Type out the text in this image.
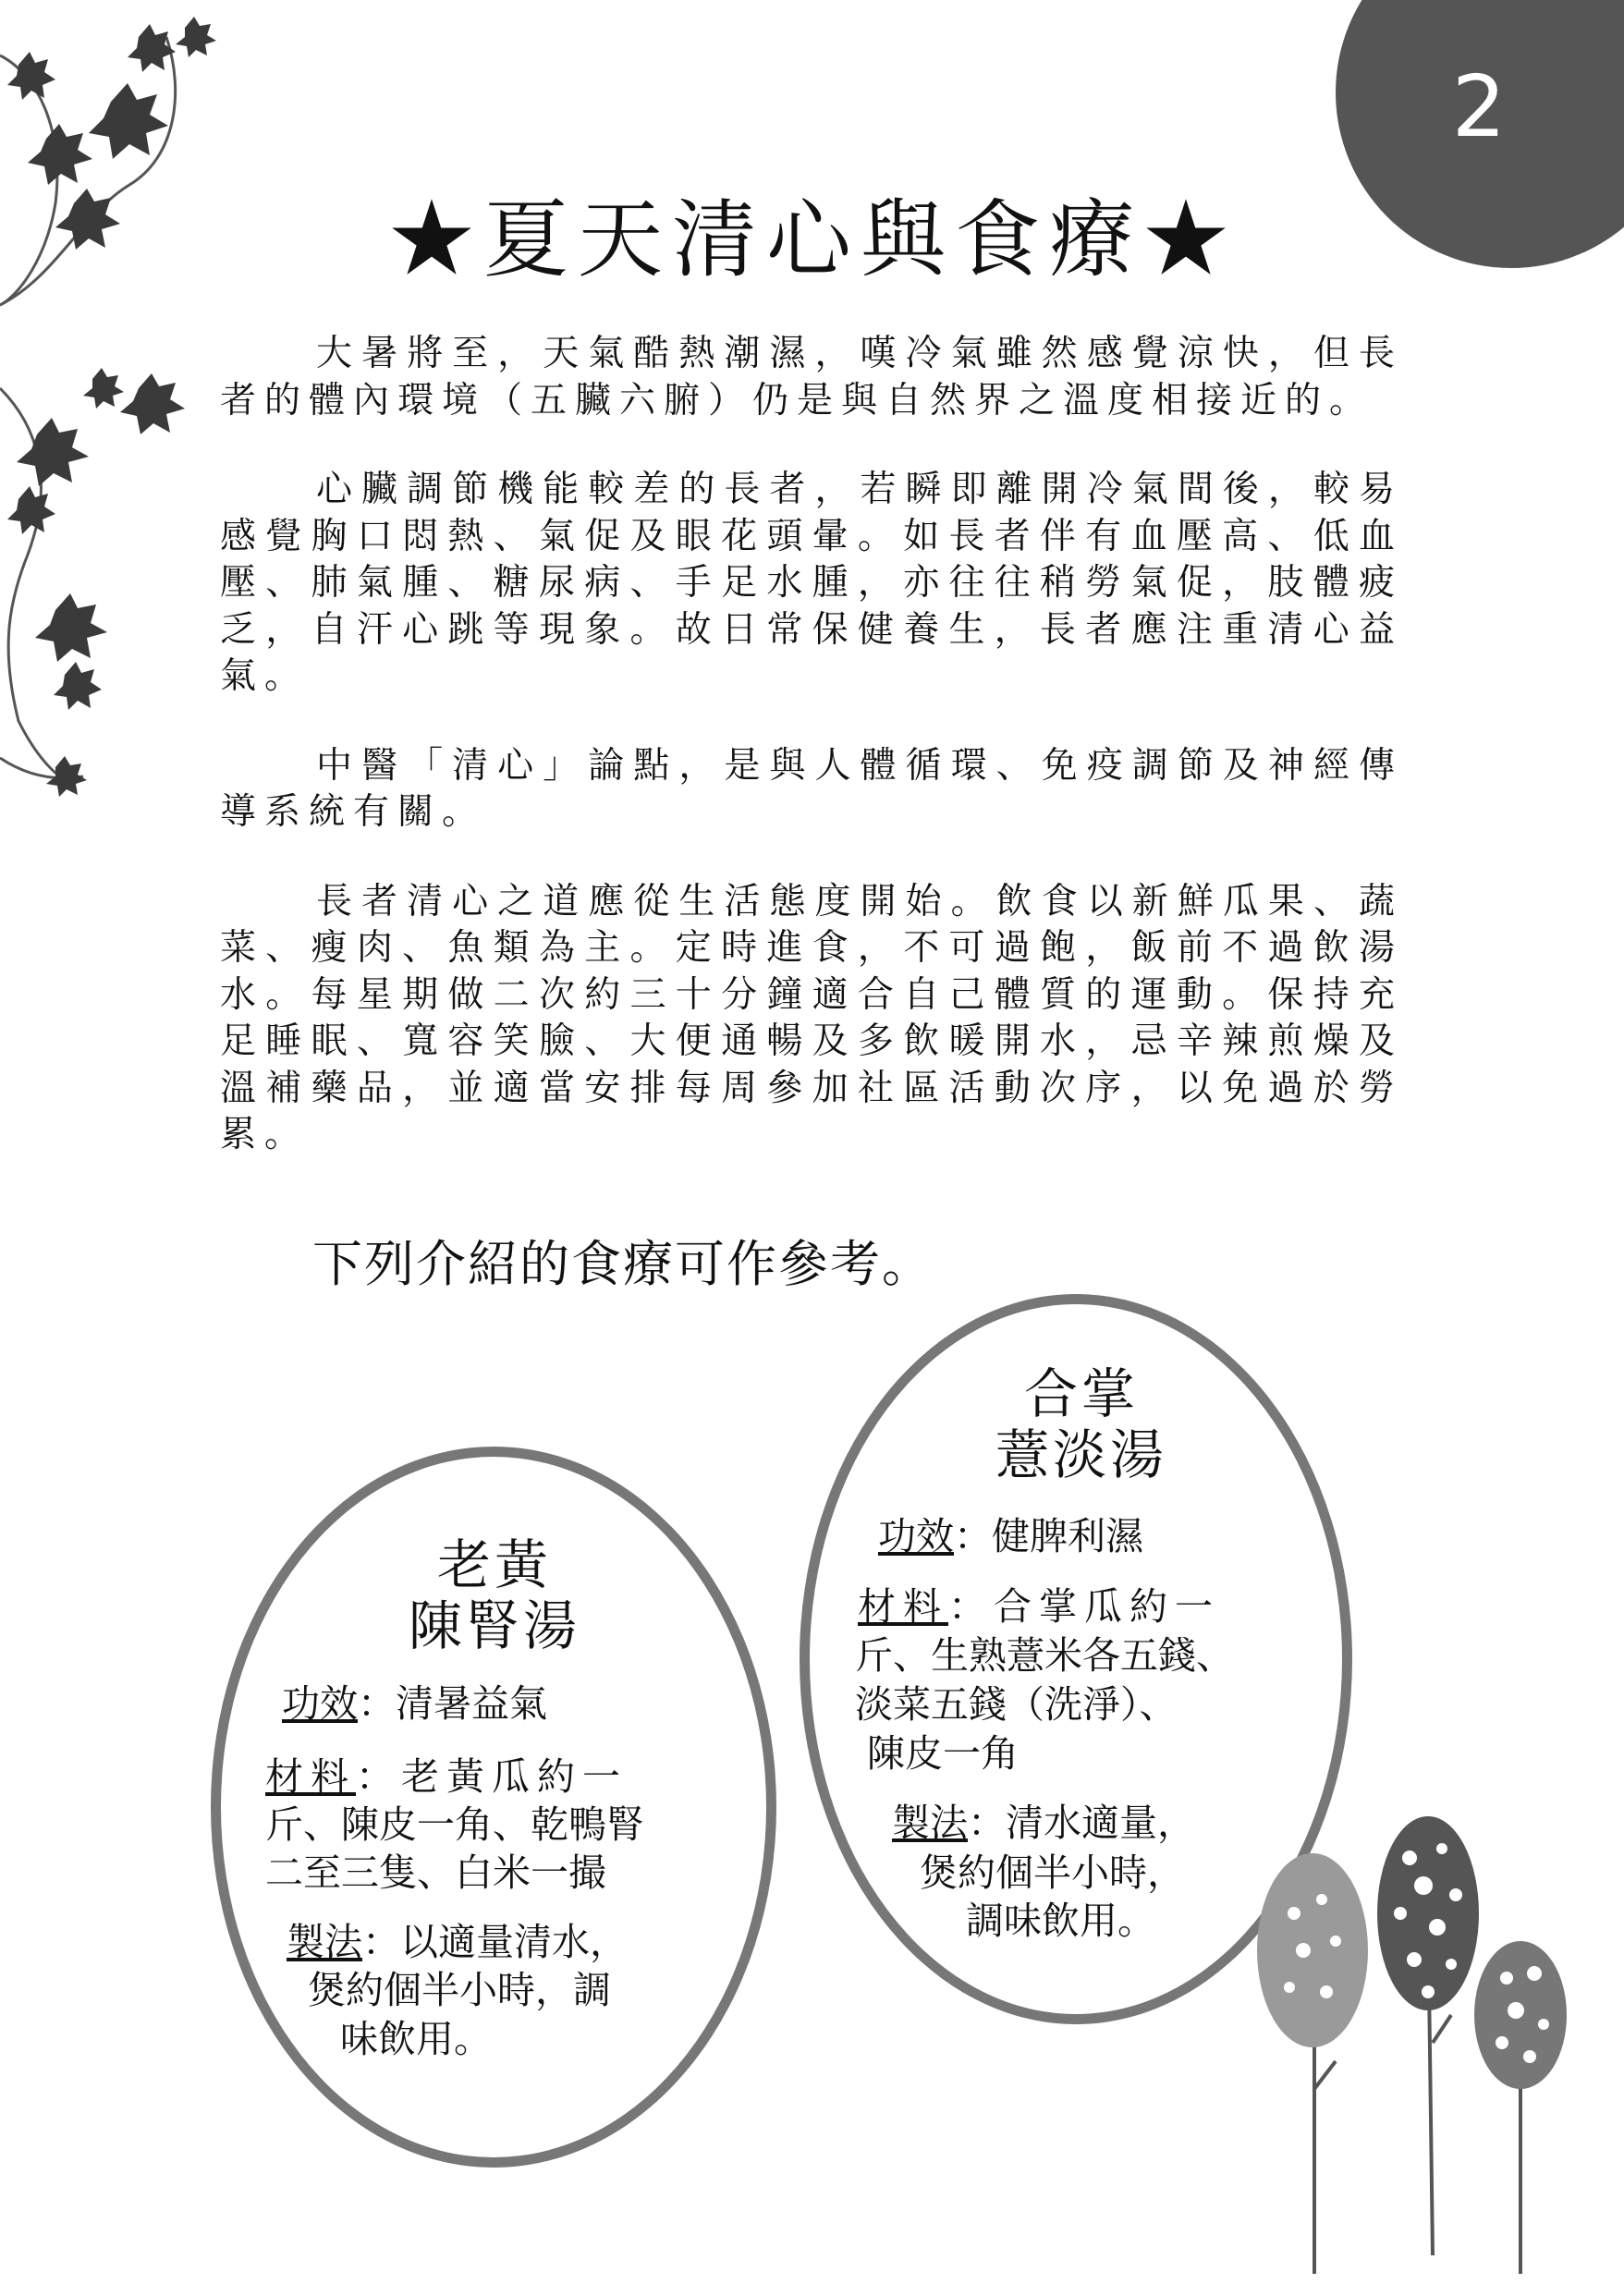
2
★夏天清心與食療★

大暑將至，天氣酷熱潮濕，嘆冷氣雖然感覺涼快，但長者的體內環境（五臟六腑）仍是與自然界之溫度相接近的。

心臟調節機能較差的長者，若瞬即離開冷氣間後，較易感覺胸口悶熱、氣促及眼花頭暈。如長者伴有血壓高、低血壓、肺氣腫、糖尿病、手足水腫，亦往往稍勞氣促，肢體疲乏，自汗心跳等現象。故日常保健養生，長者應注重清心益氣。

中醫「清心」論點，是與人體循環、免疫調節及神經傳導系統有關。

長者清心之道應從生活態度開始。飲食以新鮮瓜果、蔬菜、瘦肉、魚類為主。定時進食，不可過飽，飯前不過飲湯水。每星期做二次約三十分鐘適合自己體質的運動。保持充足睡眠、寬容笑臉、大便通暢及多飲暖開水，忌辛辣煎燥及溫補藥品，並適當安排每周參加社區活動次序，以免過於勞累。

下列介紹的食療可作參考。
老黃
陳腎湯
功效：清暑益氣
材料：老黃瓜約一
斤、陳皮一角、乾鴨腎
二至三隻、白米一撮
製法：以適量清水，
煲約個半小時，調
味飲用。
合掌
薏淡湯
功效：健脾利濕
材料：合掌瓜約一
斤、生熟薏米各五錢、
淡菜五錢（洗淨）、
陳皮一角
製法：清水適量，
煲約個半小時，
調味飲用。
